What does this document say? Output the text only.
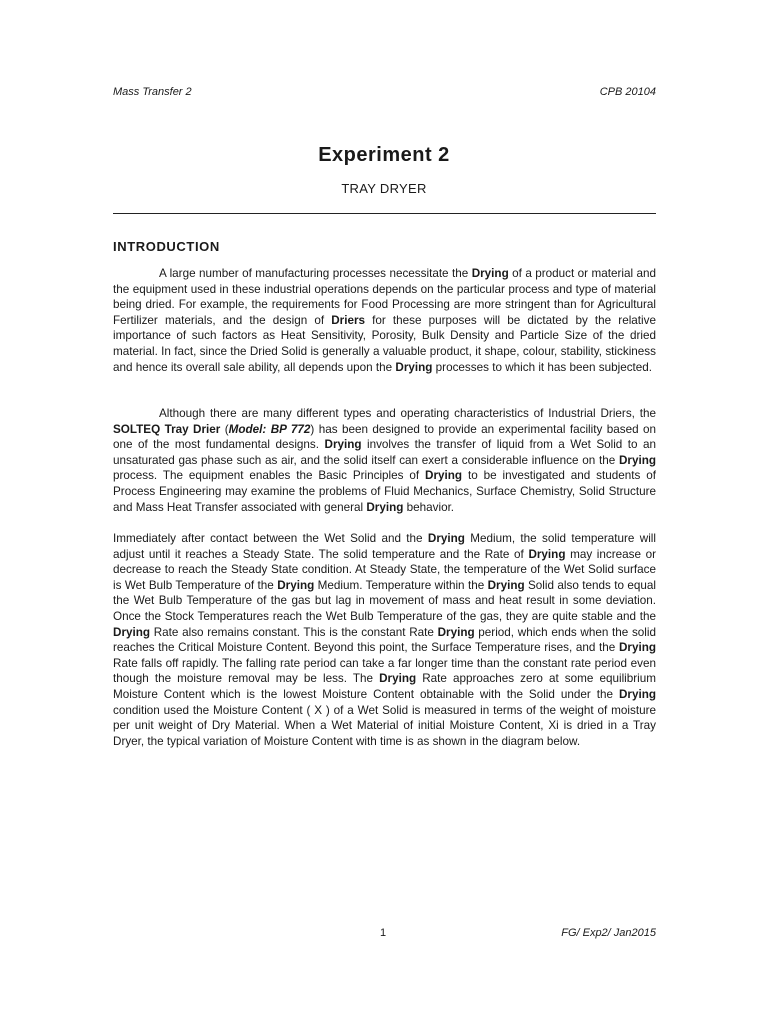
Mass Transfer 2	CPB 20104
Experiment 2
TRAY DRYER
INTRODUCTION

A large number of manufacturing processes necessitate the Drying of a product or material and the equipment used in these industrial operations depends on the particular process and type of material being dried. For example, the requirements for Food Processing are more stringent than for Agricultural Fertilizer materials, and the design of Driers for these purposes will be dictated by the relative importance of such factors as Heat Sensitivity, Porosity, Bulk Density and Particle Size of the dried material. In fact, since the Dried Solid is generally a valuable product, it shape, colour, stability, stickiness and hence its overall sale ability, all depends upon the Drying processes to which it has been subjected.

Although there are many different types and operating characteristics of Industrial Driers, the SOLTEQ Tray Drier (Model: BP 772) has been designed to provide an experimental facility based on one of the most fundamental designs. Drying involves the transfer of liquid from a Wet Solid to an unsaturated gas phase such as air, and the solid itself can exert a considerable influence on the Drying process. The equipment enables the Basic Principles of Drying to be investigated and students of Process Engineering may examine the problems of Fluid Mechanics, Surface Chemistry, Solid Structure and Mass Heat Transfer associated with general Drying behavior.

Immediately after contact between the Wet Solid and the Drying Medium, the solid temperature will adjust until it reaches a Steady State. The solid temperature and the Rate of Drying may increase or decrease to reach the Steady State condition. At Steady State, the temperature of the Wet Solid surface is Wet Bulb Temperature of the Drying Medium. Temperature within the Drying Solid also tends to equal the Wet Bulb Temperature of the gas but lag in movement of mass and heat result in some deviation. Once the Stock Temperatures reach the Wet Bulb Temperature of the gas, they are quite stable and the Drying Rate also remains constant. This is the constant Rate Drying period, which ends when the solid reaches the Critical Moisture Content. Beyond this point, the Surface Temperature rises, and the Drying Rate falls off rapidly. The falling rate period can take a far longer time than the constant rate period even though the moisture removal may be less. The Drying Rate approaches zero at some equilibrium Moisture Content which is the lowest Moisture Content obtainable with the Solid under the Drying condition used the Moisture Content ( X ) of a Wet Solid is measured in terms of the weight of moisture per unit weight of Dry Material. When a Wet Material of initial Moisture Content, Xi is dried in a Tray Dryer, the typical variation of Moisture Content with time is as shown in the diagram below.

1	FG/ Exp2/ Jan2015
